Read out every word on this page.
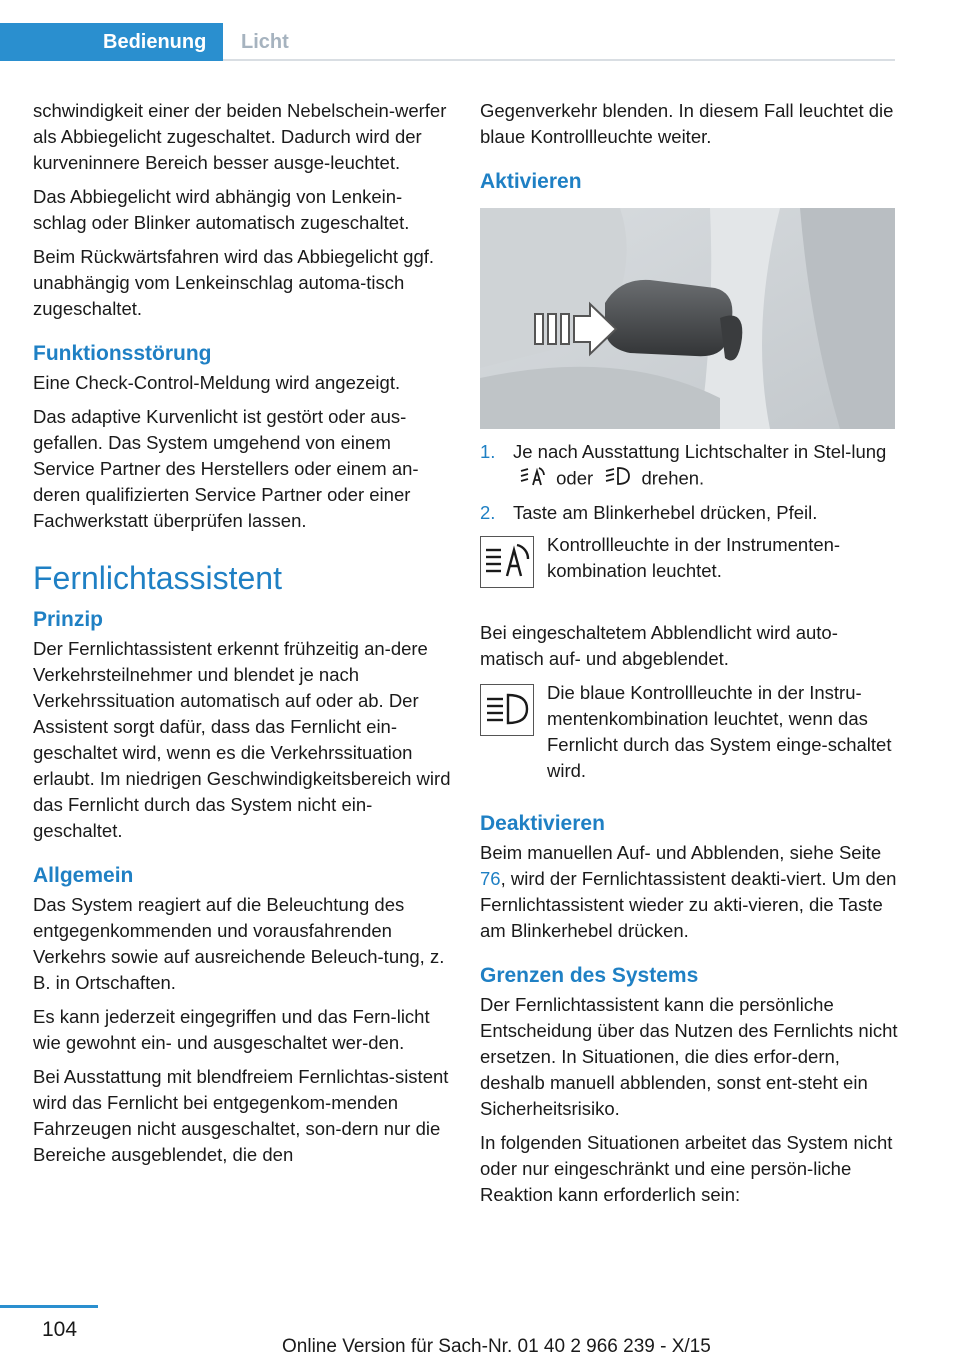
Bedienung	Licht

schwindigkeit einer der beiden Nebelschein-werfer als Abbiegelicht zugeschaltet. Dadurch wird der kurveninnere Bereich besser ausge-leuchtet.

Das Abbiegelicht wird abhängig von Lenkein-schlag oder Blinker automatisch zugeschaltet.

Beim Rückwärtsfahren wird das Abbiegelicht ggf. unabhängig vom Lenkeinschlag automa-tisch zugeschaltet.

Funktionsstörung

Eine Check-Control-Meldung wird angezeigt.

Das adaptive Kurvenlicht ist gestört oder aus-gefallen. Das System umgehend von einem Service Partner des Herstellers oder einem an-deren qualifizierten Service Partner oder einer Fachwerkstatt überprüfen lassen.

Fernlichtassistent
Prinzip

Der Fernlichtassistent erkennt frühzeitig an-dere Verkehrsteilnehmer und blendet je nach Verkehrssituation automatisch auf oder ab. Der Assistent sorgt dafür, dass das Fernlicht ein-geschaltet wird, wenn es die Verkehrssituation erlaubt. Im niedrigen Geschwindigkeitsbereich wird das Fernlicht durch das System nicht ein-geschaltet.

Allgemein

Das System reagiert auf die Beleuchtung des entgegenkommenden und vorausfahrenden Verkehrs sowie auf ausreichende Beleuch-tung, z. B. in Ortschaften.

Es kann jederzeit eingegriffen und das Fern-licht wie gewohnt ein- und ausgeschaltet wer-den.

Bei Ausstattung mit blendfreiem Fernlichtas-sistent wird das Fernlicht bei entgegenkom-menden Fahrzeugen nicht ausgeschaltet, son-dern nur die Bereiche ausgeblendet, die den

Gegenverkehr blenden. In diesem Fall leuchtet die blaue Kontrollleuchte weiter.

Aktivieren
1. Je nach Ausstattung Lichtschalter in Stel-lung  oder	drehen.
2. Taste am Blinkerhebel drücken, Pfeil.
Kontrollleuchte in der Instrumenten-kombination leuchtet.

Bei eingeschaltetem Abblendlicht wird auto-matisch auf- und abgeblendet.

Die blaue Kontrollleuchte in der Instru-mentenkombination leuchtet, wenn das Fernlicht durch das System einge-schaltet wird.
Deaktivieren

Beim manuellen Auf- und Abblenden, siehe Seite 76, wird der Fernlichtassistent deakti-viert. Um den Fernlichtassistent wieder zu akti-vieren, die Taste am Blinkerhebel drücken.

Grenzen des Systems

Der Fernlichtassistent kann die persönliche Entscheidung über das Nutzen des Fernlichts nicht ersetzen. In Situationen, die dies erfor-dern, deshalb manuell abblenden, sonst ent-steht ein Sicherheitsrisiko.

In folgenden Situationen arbeitet das System nicht oder nur eingeschränkt und eine persön-liche Reaktion kann erforderlich sein:

104
Online Version für Sach-Nr. 01 40 2 966 239 - X/15
